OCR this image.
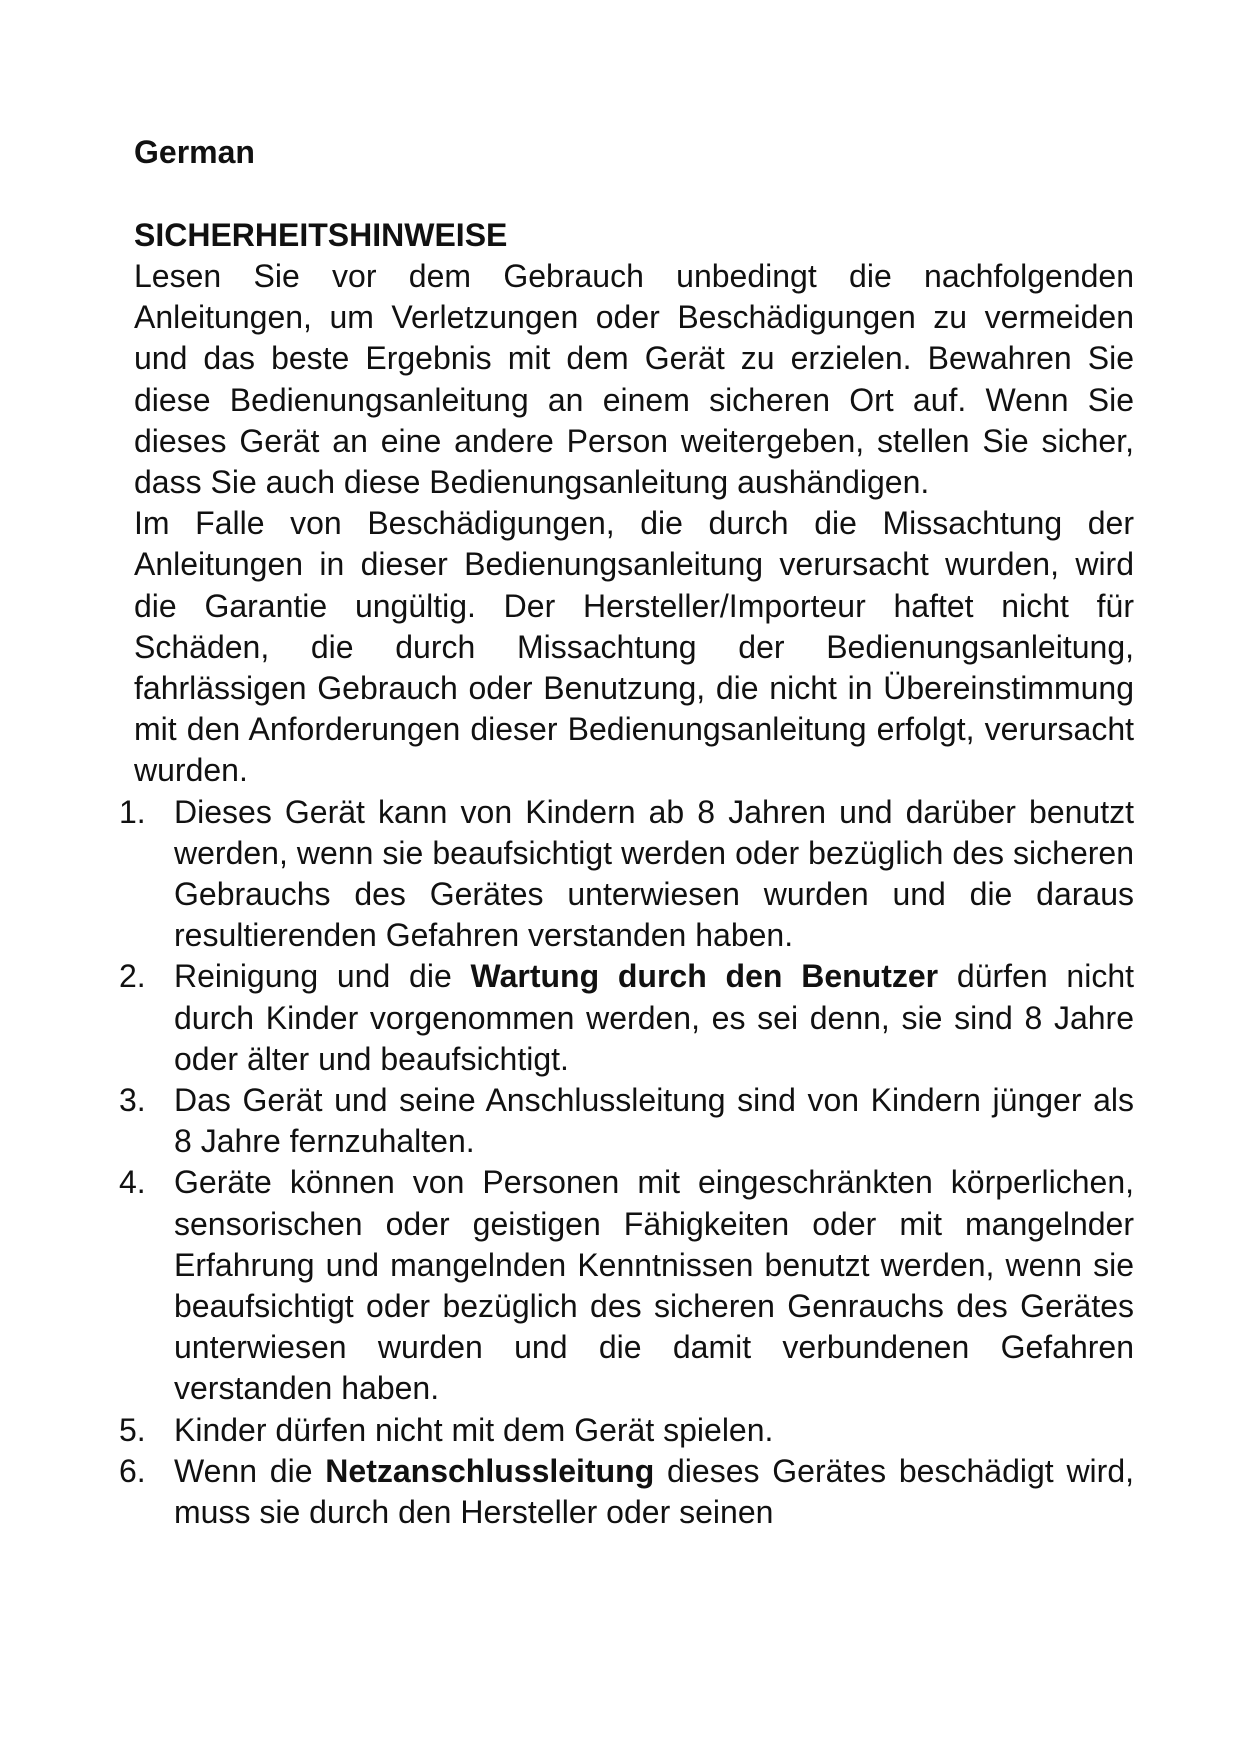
German

SICHERHEITSHINWEISE

Lesen Sie vor dem Gebrauch unbedingt die nachfolgenden Anleitungen, um Verletzungen oder Beschädigungen zu vermeiden und das beste Ergebnis mit dem Gerät zu erzielen. Bewahren Sie diese Bedienungsanleitung an einem sicheren Ort auf. Wenn Sie dieses Gerät an eine andere Person weitergeben, stellen Sie sicher, dass Sie auch diese Bedienungsanleitung aushändigen.

Im Falle von Beschädigungen, die durch die Missachtung der Anleitungen in dieser Bedienungsanleitung verursacht wurden, wird die Garantie ungültig. Der Hersteller/Importeur haftet nicht für Schäden, die durch Missachtung der Bedienungsanleitung, fahrlässigen Gebrauch oder Benutzung, die nicht in Übereinstimmung mit den Anforderungen dieser Bedienungsanleitung erfolgt, verursacht wurden.

1. Dieses Gerät kann von Kindern ab 8 Jahren und darüber benutzt werden, wenn sie beaufsichtigt werden oder bezüglich des sicheren Gebrauchs des Gerätes unterwiesen wurden und die daraus resultierenden Gefahren verstanden haben.
2. Reinigung und die Wartung durch den Benutzer dürfen nicht durch Kinder vorgenommen werden, es sei denn, sie sind 8 Jahre oder älter und beaufsichtigt.
3. Das Gerät und seine Anschlussleitung sind von Kindern jünger als 8 Jahre fernzuhalten.
4. Geräte können von Personen mit eingeschränkten körperlichen, sensorischen oder geistigen Fähigkeiten oder mit mangelnder Erfahrung und mangelnden Kenntnissen benutzt werden, wenn sie beaufsichtigt oder bezüglich des sicheren Genrauchs des Gerätes unterwiesen wurden und die damit verbundenen Gefahren verstanden haben.
5. Kinder dürfen nicht mit dem Gerät spielen.
6. Wenn die Netzanschlussleitung dieses Gerätes beschädigt wird, muss sie durch den Hersteller oder seinen
